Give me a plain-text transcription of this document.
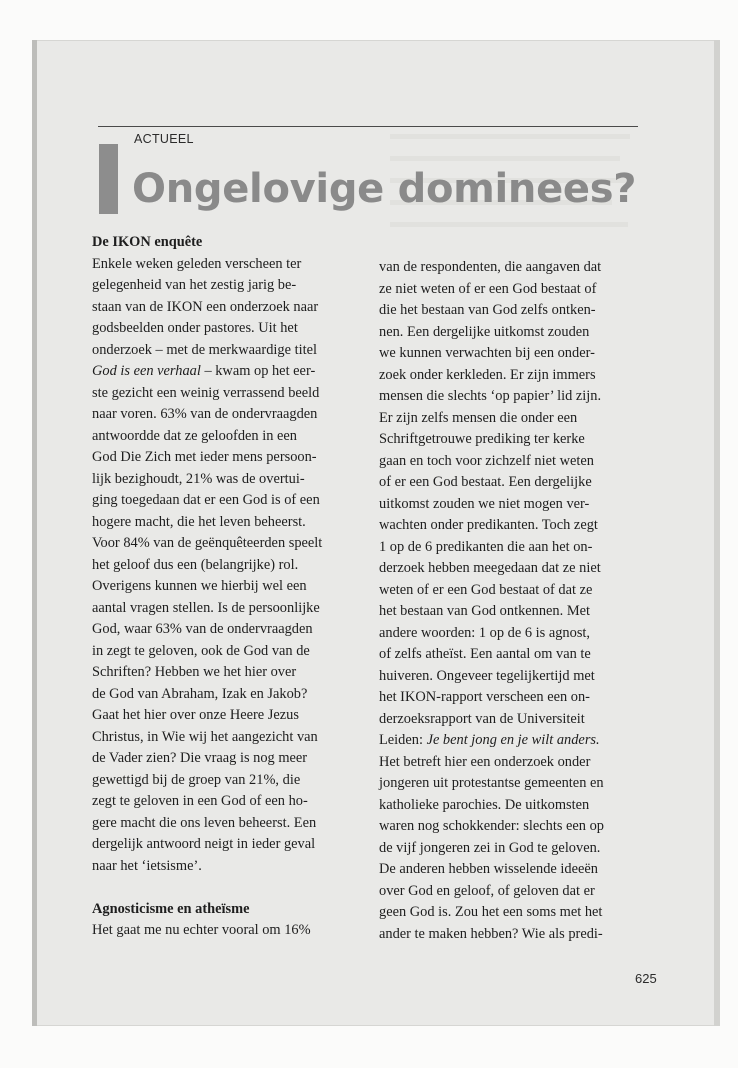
ACTUEEL
Ongelovige dominees?
De IKON enquête
Enkele weken geleden verscheen ter
gelegenheid van het zestig jarig be-
staan van de IKON een onderzoek naar
godsbeelden onder pastores. Uit het
onderzoek – met de merkwaardige titel
God is een verhaal – kwam op het eer-
ste gezicht een weinig verrassend beeld
naar voren. 63% van de ondervraagden
antwoordde dat ze geloofden in een
God Die Zich met ieder mens persoon-
lijk bezighoudt, 21% was de overtui-
ging toegedaan dat er een God is of een
hogere macht, die het leven beheerst.
Voor 84% van de geënquêteerden speelt
het geloof dus een (belangrijke) rol.
Overigens kunnen we hierbij wel een
aantal vragen stellen. Is de persoonlijke
God, waar 63% van de ondervraagden
in zegt te geloven, ook de God van de
Schriften? Hebben we het hier over
de God van Abraham, Izak en Jakob?
Gaat het hier over onze Heere Jezus
Christus, in Wie wij het aangezicht van
de Vader zien? Die vraag is nog meer
gewettigd bij de groep van 21%, die
zegt te geloven in een God of een ho-
gere macht die ons leven beheerst. Een
dergelijk antwoord neigt in ieder geval
naar het ‘ietsisme’.
Agnosticisme en atheïsme
Het gaat me nu echter vooral om 16%
van de respondenten, die aangaven dat
ze niet weten of er een God bestaat of
die het bestaan van God zelfs ontken-
nen. Een dergelijke uitkomst zouden
we kunnen verwachten bij een onder-
zoek onder kerkleden. Er zijn immers
mensen die slechts ‘op papier’ lid zijn.
Er zijn zelfs mensen die onder een
Schriftgetrouwe prediking ter kerke
gaan en toch voor zichzelf niet weten
of er een God bestaat. Een dergelijke
uitkomst zouden we niet mogen ver-
wachten onder predikanten. Toch zegt
1 op de 6 predikanten die aan het on-
derzoek hebben meegedaan dat ze niet
weten of er een God bestaat of dat ze
het bestaan van God ontkennen. Met
andere woorden: 1 op de 6 is agnost,
of zelfs atheïst. Een aantal om van te
huiveren. Ongeveer tegelijkertijd met
het IKON-rapport verscheen een on-
derzoeksrapport van de Universiteit
Leiden: Je bent jong en je wilt anders.
Het betreft hier een onderzoek onder
jongeren uit protestantse gemeenten en
katholieke parochies. De uitkomsten
waren nog schokkender: slechts een op
de vijf jongeren zei in God te geloven.
De anderen hebben wisselende ideeën
over God en geloof, of geloven dat er
geen God is. Zou het een soms met het
ander te maken hebben? Wie als predi-
625
